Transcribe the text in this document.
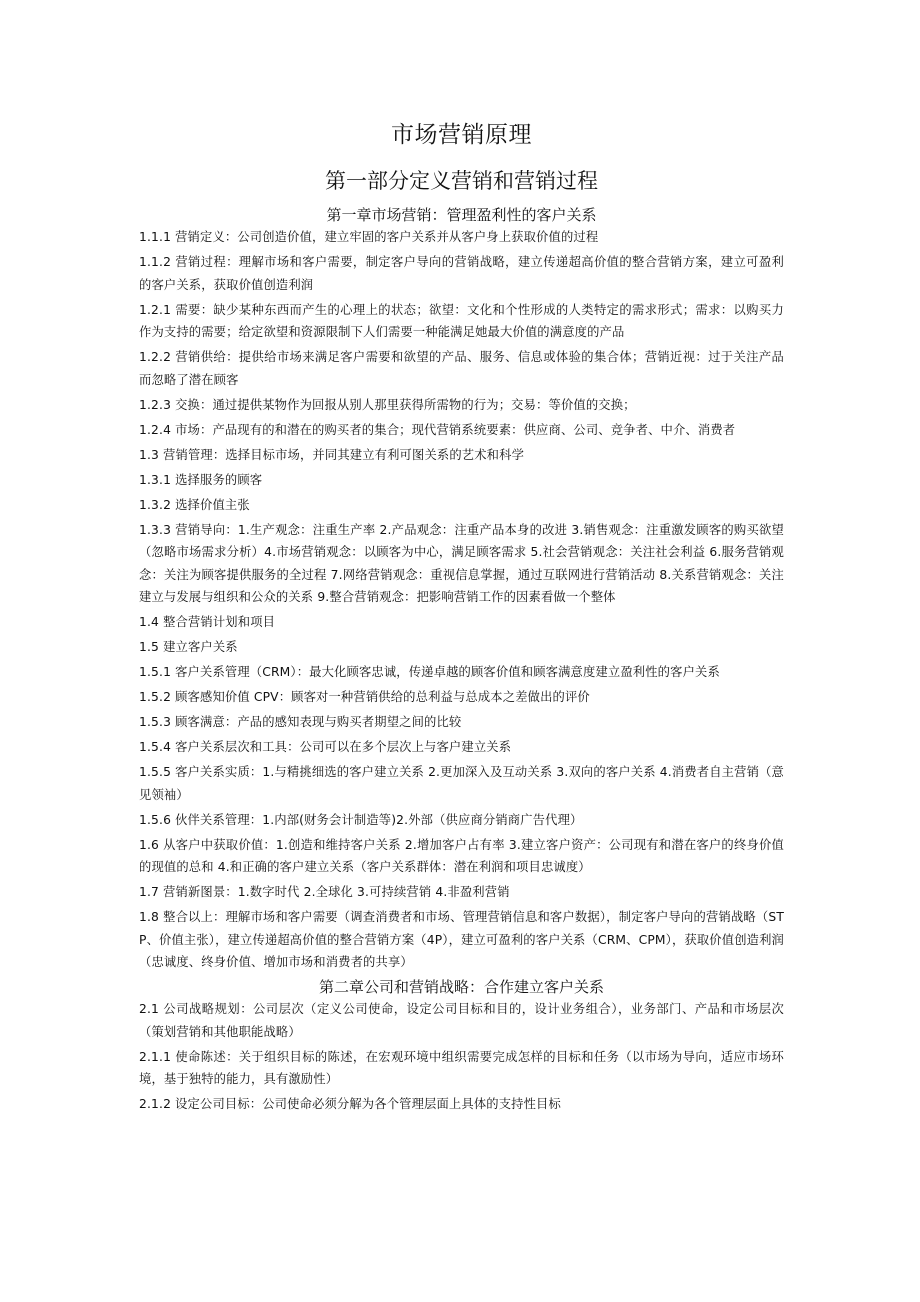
市场营销原理
第一部分定义营销和营销过程
第一章市场营销：管理盈利性的客户关系

1.1.1 营销定义：公司创造价值，建立牢固的客户关系并从客户身上获取价值的过程

1.1.2 营销过程：理解市场和客户需要，制定客户导向的营销战略，建立传递超高价值的整合营销方案，建立可盈利的客户关系，获取价值创造利润

1.2.1 需要：缺少某种东西而产生的心理上的状态；欲望：文化和个性形成的人类特定的需求形式；需求：以购买力作为支持的需要；给定欲望和资源限制下人们需要一种能满足她最大价值的满意度的产品

1.2.2 营销供给：提供给市场来满足客户需要和欲望的产品、服务、信息或体验的集合体；营销近视：过于关注产品而忽略了潜在顾客

1.2.3 交换：通过提供某物作为回报从别人那里获得所需物的行为；交易：等价值的交换；

1.2.4 市场：产品现有的和潜在的购买者的集合；现代营销系统要素：供应商、公司、竞争者、中介、消费者

1.3 营销管理：选择目标市场，并同其建立有利可图关系的艺术和科学

1.3.1 选择服务的顾客

1.3.2 选择价值主张

1.3.3 营销导向：1.生产观念：注重生产率 2.产品观念：注重产品本身的改进 3.销售观念：注重激发顾客的购买欲望（忽略市场需求分析）4.市场营销观念：以顾客为中心，满足顾客需求 5.社会营销观念：关注社会利益 6.服务营销观念：关注为顾客提供服务的全过程 7.网络营销观念：重视信息掌握，通过互联网进行营销活动 8.关系营销观念：关注建立与发展与组织和公众的关系 9.整合营销观念：把影响营销工作的因素看做一个整体

1.4 整合营销计划和项目

1.5 建立客户关系

1.5.1 客户关系管理（CRM）：最大化顾客忠诚，传递卓越的顾客价值和顾客满意度建立盈利性的客户关系

1.5.2 顾客感知价值 CPV：顾客对一种营销供给的总利益与总成本之差做出的评价

1.5.3 顾客满意：产品的感知表现与购买者期望之间的比较

1.5.4 客户关系层次和工具：公司可以在多个层次上与客户建立关系

1.5.5 客户关系实质：1.与精挑细选的客户建立关系 2.更加深入及互动关系 3.双向的客户关系 4.消费者自主营销（意见领袖）

1.5.6 伙伴关系管理：1.内部(财务会计制造等)2.外部（供应商分销商广告代理）

1.6 从客户中获取价值：1.创造和维持客户关系 2.增加客户占有率 3.建立客户资产：公司现有和潜在客户的终身价值的现值的总和 4.和正确的客户建立关系（客户关系群体：潜在利润和项目忠诚度）

1.7 营销新图景：1.数字时代 2.全球化 3.可持续营销 4.非盈利营销

1.8 整合以上：理解市场和客户需要（调查消费者和市场、管理营销信息和客户数据），制定客户导向的营销战略（STP、价值主张），建立传递超高价值的整合营销方案（4P），建立可盈利的客户关系（CRM、CPM），获取价值创造利润（忠诚度、终身价值、增加市场和消费者的共享）

第二章公司和营销战略：合作建立客户关系

2.1 公司战略规划：公司层次（定义公司使命，设定公司目标和目的，设计业务组合），业务部门、产品和市场层次（策划营销和其他职能战略）

2.1.1 使命陈述：关于组织目标的陈述，在宏观环境中组织需要完成怎样的目标和任务（以市场为导向，适应市场环境，基于独特的能力，具有激励性）

2.1.2 设定公司目标：公司使命必须分解为各个管理层面上具体的支持性目标
